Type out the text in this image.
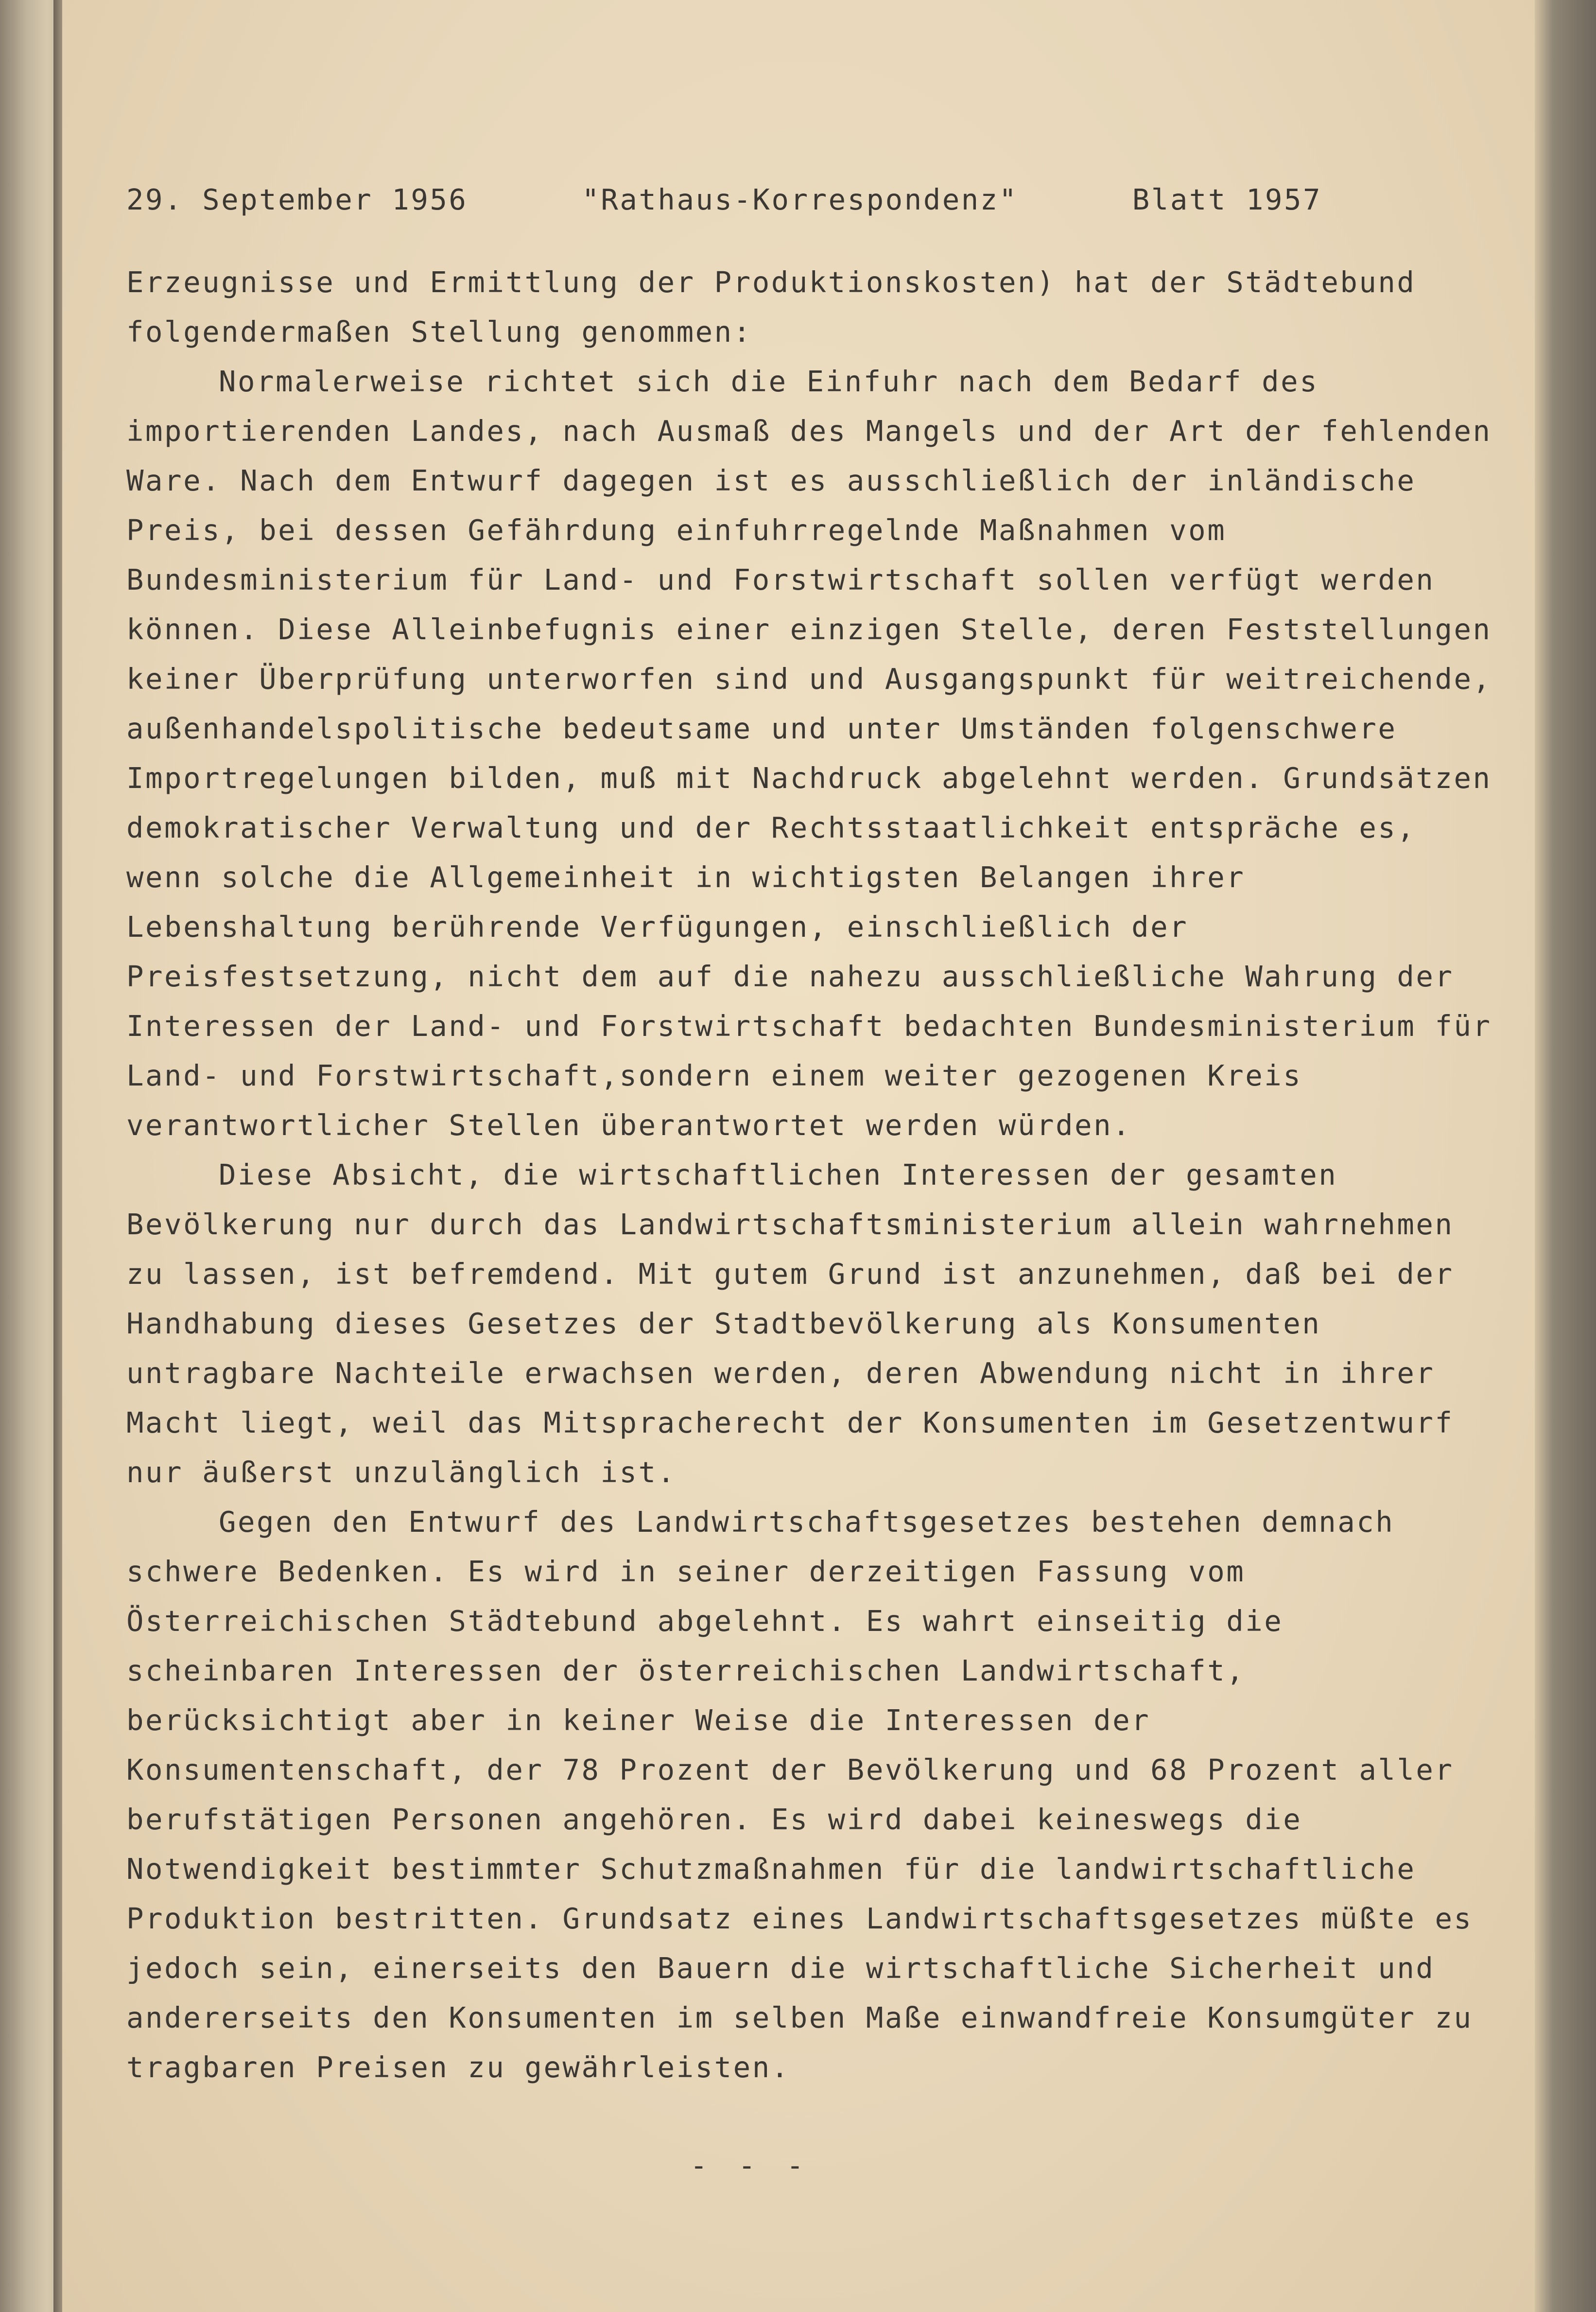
29. September 1956	"Rathaus-Korrespondenz"	Blatt 1957

Erzeugnisse und Ermittlung der Produktionskosten) hat der Städtebund folgendermaßen Stellung genommen:

Normalerweise richtet sich die Einfuhr nach dem Bedarf des importierenden Landes, nach Ausmaß des Mangels und der Art der fehlenden Ware. Nach dem Entwurf dagegen ist es ausschließlich der inländische Preis, bei dessen Gefährdung einfuhrregelnde Maßnahmen vom Bundesministerium für Land- und Forstwirtschaft sollen verfügt werden können. Diese Alleinbefugnis einer einzigen Stelle, deren Feststellungen keiner Überprüfung unterworfen sind und Ausgangspunkt für weitreichende, außenhandelspolitische bedeutsame und unter Umständen folgenschwere Importregelungen bilden, muß mit Nachdruck abgelehnt werden. Grundsätzen demokratischer Verwaltung und der Rechtsstaatlichkeit entspräche es, wenn solche die Allgemeinheit in wichtigsten Belangen ihrer Lebenshaltung berührende Verfügungen, einschließlich der Preisfestsetzung, nicht dem auf die nahezu ausschließliche Wahrung der Interessen der Land- und Forstwirtschaft bedachten Bundesministerium für Land- und Forstwirtschaft,sondern einem weiter gezogenen Kreis verantwortlicher Stellen überantwortet werden würden.

Diese Absicht, die wirtschaftlichen Interessen der gesamten Bevölkerung nur durch das Landwirtschaftsministerium allein wahrnehmen zu lassen, ist befremdend. Mit gutem Grund ist anzunehmen, daß bei der Handhabung dieses Gesetzes der Stadtbevölkerung als Konsumenten untragbare Nachteile erwachsen werden, deren Abwendung nicht in ihrer Macht liegt, weil das Mitspracherecht der Konsumenten im Gesetzentwurf nur äußerst unzulänglich ist.

Gegen den Entwurf des Landwirtschaftsgesetzes bestehen demnach schwere Bedenken. Es wird in seiner derzeitigen Fassung vom Österreichischen Städtebund abgelehnt. Es wahrt einseitig die scheinbaren Interessen der österreichischen Landwirtschaft, berücksichtigt aber in keiner Weise die Interessen der Konsumentenschaft, der 78 Prozent der Bevölkerung und 68 Prozent aller berufstätigen Personen angehören. Es wird dabei keineswegs die Notwendigkeit bestimmter Schutzmaßnahmen für die landwirtschaftliche Produktion bestritten. Grundsatz eines Landwirtschaftsgesetzes müßte es jedoch sein, einerseits den Bauern die wirtschaftliche Sicherheit und andererseits den Konsumenten im selben Maße einwandfreie Konsumgüter zu tragbaren Preisen zu gewährleisten.

- - -
